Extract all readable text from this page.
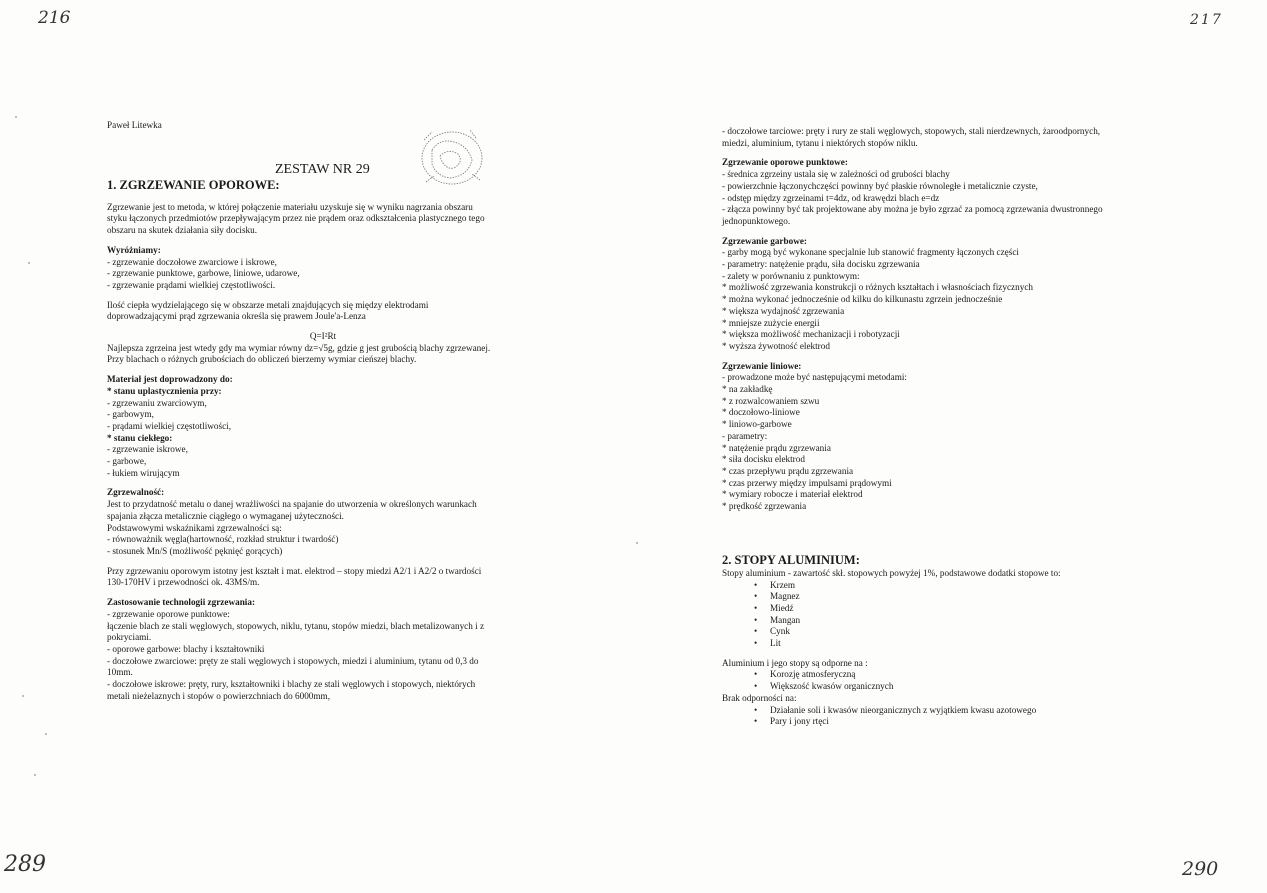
216	217
289	290
Paweł Litewka
ZESTAW NR 29
1. ZGRZEWANIE OPOROWE:
Zgrzewanie jest to metoda, w której połączenie materiału uzyskuje się w wyniku nagrzania obszaru
styku łączonych przedmiotów przepływającym przez nie prądem oraz odkształcenia plastycznego tego
obszaru na skutek działania siły docisku.
Wyróżniamy:
- zgrzewanie doczołowe zwarciowe i iskrowe,
- zgrzewanie punktowe, garbowe, liniowe, udarowe,
- zgrzewanie prądami wielkiej częstotliwości.
Ilość ciepła wydzielającego się w obszarze metali znajdujących się między elektrodami
doprowadzającymi prąd zgrzewania określa się prawem Joule'a-Lenza
Q=I²Rt
Najlepsza zgrzeina jest wtedy gdy ma wymiar równy dz=√5g, gdzie g jest grubością blachy zgrzewanej.
Przy blachach o różnych grubościach do obliczeń bierzemy wymiar cieńszej blachy.
Materiał jest doprowadzony do:
* stanu uplastycznienia przy:
- zgrzewaniu zwarciowym,
- garbowym,
- prądami wielkiej częstotliwości,
* stanu ciekłego:
- zgrzewanie iskrowe,
- garbowe,
- łukiem wirującym
Zgrzewalność:
Jest to przydatność metalu o danej wrażliwości na spajanie do utworzenia w określonych warunkach
spajania złącza metalicznie ciągłego o wymaganej użyteczności.
Podstawowymi wskaźnikami zgrzewalności są:
- równoważnik węgla(hartowność, rozkład struktur i twardość)
- stosunek Mn/S (możliwość pęknięć gorących)
Przy zgrzewaniu oporowym istotny jest kształt i mat. elektrod – stopy miedzi A2/1 i A2/2 o twardości
130-170HV i przewodności ok. 43MS/m.
Zastosowanie technologii zgrzewania:
- zgrzewanie oporowe punktowe:
łączenie blach ze stali węglowych, stopowych, niklu, tytanu, stopów miedzi, blach metalizowanych i z
pokryciami.
- oporowe garbowe: blachy i kształtowniki
- doczołowe zwarciowe: pręty ze stali węglowych i stopowych, miedzi i aluminium, tytanu od 0,3 do
10mm.
- doczołowe iskrowe: pręty, rury, kształtowniki i blachy ze stali węglowych i stopowych, niektórych
metali nieżelaznych i stopów o powierzchniach do 6000mm,
- doczołowe tarciowe: pręty i rury ze stali węglowych, stopowych, stali nierdzewnych, żaroodpornych,
miedzi, aluminium, tytanu i niektórych stopów niklu.
Zgrzewanie oporowe punktowe:
- średnica zgrzeiny ustala się w zależności od grubości blachy
- powierzchnie łączonychczęści powinny być płaskie równoległe i metalicznie czyste,
- odstęp między zgrzeinami t=4dz, od krawędzi blach e=dz
- złącza powinny być tak projektowane aby można je było zgrzać za pomocą zgrzewania dwustronnego
jednopunktowego.
Zgrzewanie garbowe:
- garby mogą być wykonane specjalnie lub stanowić fragmenty łączonych części
- parametry: natężenie prądu, siła docisku zgrzewania
- zalety w porównaniu z punktowym:
* możliwość zgrzewania konstrukcji o różnych kształtach i własnościach fizycznych
* można wykonać jednocześnie od kilku do kilkunastu zgrzein jednocześnie
* większa wydajność zgrzewania
* mniejsze zużycie energii
* większa możliwość mechanizacji i robotyzacji
* wyższa żywotność elektrod
Zgrzewanie liniowe:
- prowadzone może być następującymi metodami:
* na zakładkę
* z rozwalcowaniem szwu
* doczołowo-liniowe
* liniowo-garbowe
- parametry:
* natężenie prądu zgrzewania
* siła docisku elektrod
* czas przepływu prądu zgrzewania
* czas przerwy między impulsami prądowymi
* wymiary robocze i materiał elektrod
* prędkość zgrzewania
2. STOPY ALUMINIUM:
Stopy aluminium - zawartość skł. stopowych powyżej 1%, podstawowe dodatki stopowe to:
• Krzem
• Magnez
• Miedź
• Mangan
• Cynk
• Lit
Aluminium i jego stopy są odporne na :
• Korozję atmosferyczną
• Większość kwasów organicznych
Brak odporności na:
• Działanie soli i kwasów nieorganicznych z wyjątkiem kwasu azotowego
• Pary i jony rtęci
